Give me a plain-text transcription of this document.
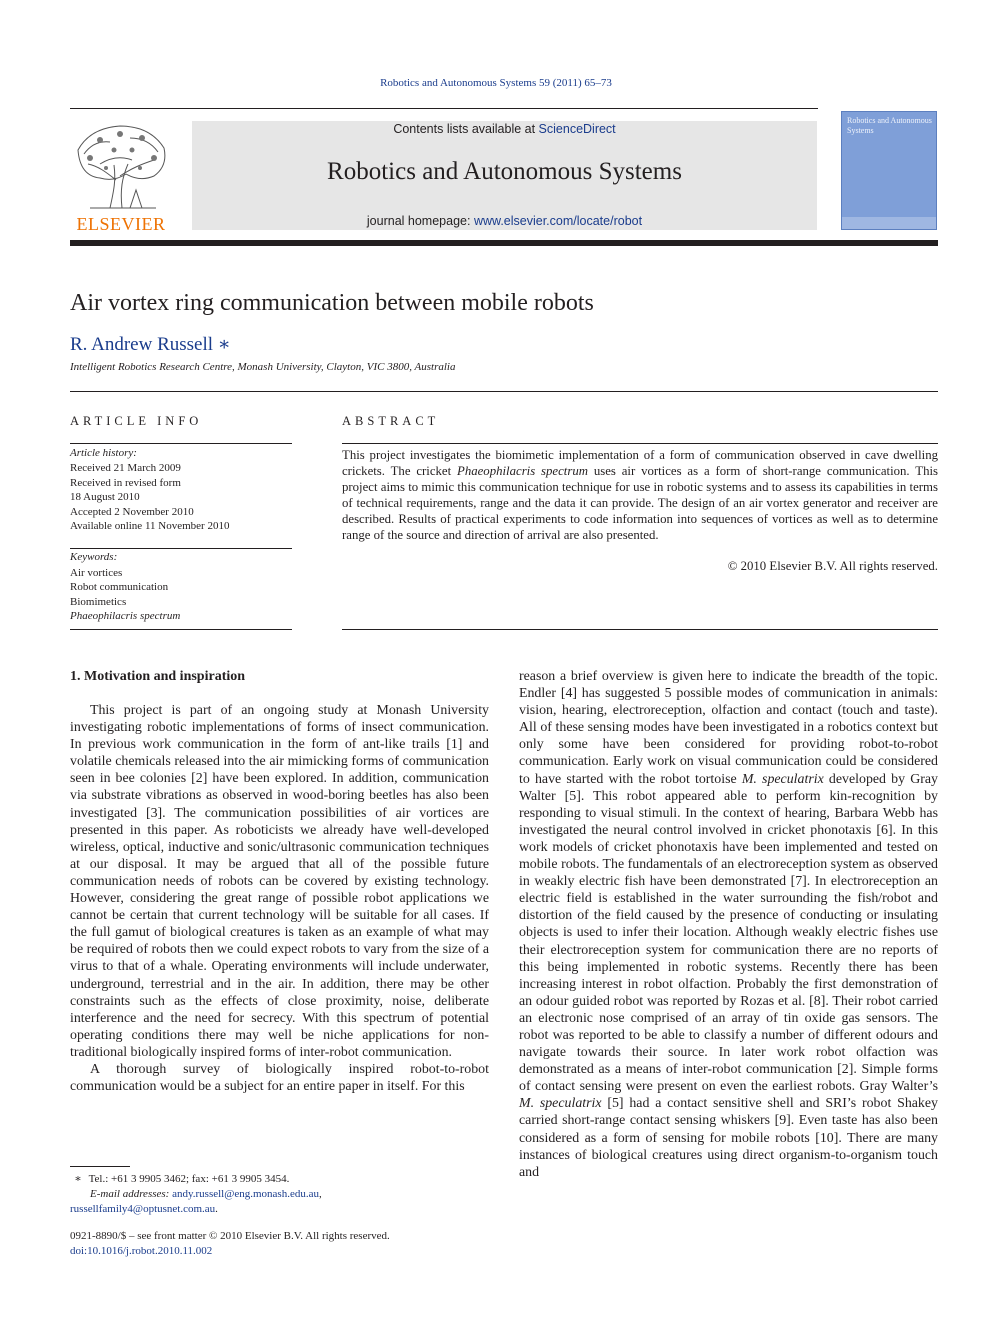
Robotics and Autonomous Systems 59 (2011) 65–73
ELSEVIER
Contents lists available at ScienceDirect
Robotics and Autonomous Systems
journal homepage: www.elsevier.com/locate/robot
Robotics and Autonomous Systems
Air vortex ring communication between mobile robots
R. Andrew Russell ∗
Intelligent Robotics Research Centre, Monash University, Clayton, VIC 3800, Australia
ARTICLE INFO
Article history:
Received 21 March 2009
Received in revised form
18 August 2010
Accepted 2 November 2010
Available online 11 November 2010
Keywords:
Air vortices
Robot communication
Biomimetics
Phaeophilacris spectrum
ABSTRACT
This project investigates the biomimetic implementation of a form of communication observed in cave dwelling crickets. The cricket Phaeophilacris spectrum uses air vortices as a form of short-range communication. This project aims to mimic this communication technique for use in robotic systems and to assess its capabilities in terms of technical requirements, range and the data it can provide. The design of an air vortex generator and receiver are described. Results of practical experiments to code information into sequences of vortices as well as to determine range of the source and direction of arrival are also presented.
© 2010 Elsevier B.V. All rights reserved.
1. Motivation and inspiration

This project is part of an ongoing study at Monash University investigating robotic implementations of forms of insect communication. In previous work communication in the form of ant-like trails [1] and volatile chemicals released into the air mimicking forms of communication seen in bee colonies [2] have been explored. In addition, communication via substrate vibrations as observed in wood-boring beetles has also been investigated [3]. The communication possibilities of air vortices are presented in this paper. As roboticists we already have well-developed wireless, optical, inductive and sonic/ultrasonic communication techniques at our disposal. It may be argued that all of the possible future communication needs of robots can be covered by existing technology. However, considering the great range of possible robot applications we cannot be certain that current technology will be suitable for all cases. If the full gamut of biological creatures is taken as an example of what may be required of robots then we could expect robots to vary from the size of a virus to that of a whale. Operating environments will include underwater, underground, terrestrial and in the air. In addition, there may be other constraints such as the effects of close proximity, noise, deliberate interference and the need for secrecy. With this spectrum of potential operating conditions there may well be niche applications for non-traditional biologically inspired forms of inter-robot communication.

A thorough survey of biologically inspired robot-to-robot communication would be a subject for an entire paper in itself. For this

reason a brief overview is given here to indicate the breadth of the topic. Endler [4] has suggested 5 possible modes of communication in animals: vision, hearing, electroreception, olfaction and contact (touch and taste). All of these sensing modes have been investigated in a robotics context but only some have been considered for providing robot-to-robot communication. Early work on visual communication could be considered to have started with the robot tortoise M. speculatrix developed by Gray Walter [5]. This robot appeared able to perform kin-recognition by responding to visual stimuli. In the context of hearing, Barbara Webb has investigated the neural control involved in cricket phonotaxis [6]. In this work models of cricket phonotaxis have been implemented and tested on mobile robots. The fundamentals of an electroreception system as observed in weakly electric fish have been demonstrated [7]. In electroreception an electric field is established in the water surrounding the fish/robot and distortion of the field caused by the presence of conducting or insulating objects is used to infer their location. Although weakly electric fishes use their electroreception system for communication there are no reports of this being implemented in robotic systems. Recently there has been increasing interest in robot olfaction. Probably the first demonstration of an odour guided robot was reported by Rozas et al. [8]. Their robot carried an electronic nose comprised of an array of tin oxide gas sensors. The robot was reported to be able to classify a number of different odours and navigate towards their source. In later work robot olfaction was demonstrated as a means of inter-robot communication [2]. Simple forms of contact sensing were present on even the earliest robots. Gray Walter’s M. speculatrix [5] had a contact sensitive shell and SRI’s robot Shakey carried short-range contact sensing whiskers [9]. Even taste has also been considered as a form of sensing for mobile robots [10]. There are many instances of biological creatures using direct organism-to-organism touch and

∗ Tel.: +61 3 9905 3462; fax: +61 3 9905 3454.
E-mail addresses: andy.russell@eng.monash.edu.au,
russellfamily4@optusnet.com.au.
0921-8890/$ – see front matter © 2010 Elsevier B.V. All rights reserved.
doi:10.1016/j.robot.2010.11.002
